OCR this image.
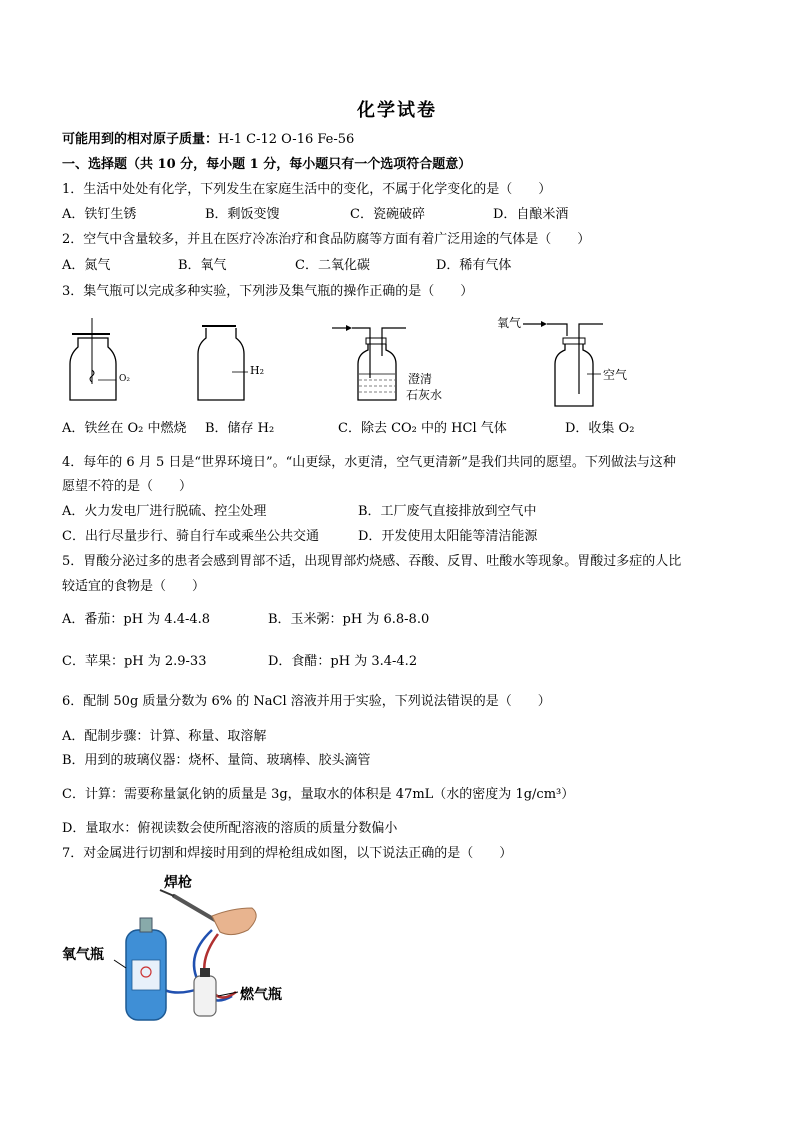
化学试卷
可能用到的相对原子质量：H-1 C-12 O-16 Fe-56
一、选择题（共 10 分，每小题 1 分，每小题只有一个选项符合题意）
1．生活中处处有化学，下列发生在家庭生活中的变化，不属于化学变化的是（　　）
A．铁钉生锈	B．剩饭变馊	C．瓷碗破碎	D．自酿米酒
2．空气中含量较多，并且在医疗冷冻治疗和食品防腐等方面有着广泛用途的气体是（　　）
A．氮气	B．氧气	C．二氧化碳	D．稀有气体
3．集气瓶可以完成多种实验，下列涉及集气瓶的操作正确的是（　　）
O₂
H₂
澄清
石灰水
氧气
空气
A．铁丝在 O₂ 中燃烧 B．储存 H₂	C．除去 CO₂ 中的 HCl 气体	D．收集 O₂
4．每年的 6 月 5 日是“世界环境日”。“山更绿，水更清，空气更清新”是我们共同的愿望。下列做法与这种
愿望不符的是（　　）
A．火力发电厂进行脱硫、控尘处理	B．工厂废气直接排放到空气中
C．出行尽量步行、骑自行车或乘坐公共交通	D．开发使用太阳能等清洁能源
5．胃酸分泌过多的患者会感到胃部不适，出现胃部灼烧感、吞酸、反胃、吐酸水等现象。胃酸过多症的人比
较适宜的食物是（　　）
A．番茄：pH 为 4.4-4.8	B．玉米粥：pH 为 6.8-8.0
C．苹果：pH 为 2.9-33	D．食醋：pH 为 3.4-4.2
6．配制 50g 质量分数为 6% 的 NaCl 溶液并用于实验，下列说法错误的是（　　）
A．配制步骤：计算、称量、取溶解
B．用到的玻璃仪器：烧杯、量筒、玻璃棒、胶头滴管
C．计算：需要称量氯化钠的质量是 3g，量取水的体积是 47mL（水的密度为 1g/cm³）
D．量取水：俯视读数会使所配溶液的溶质的质量分数偏小
7．对金属进行切割和焊接时用到的焊枪组成如图，以下说法正确的是（　　）
焊枪
氧气瓶
燃气瓶
